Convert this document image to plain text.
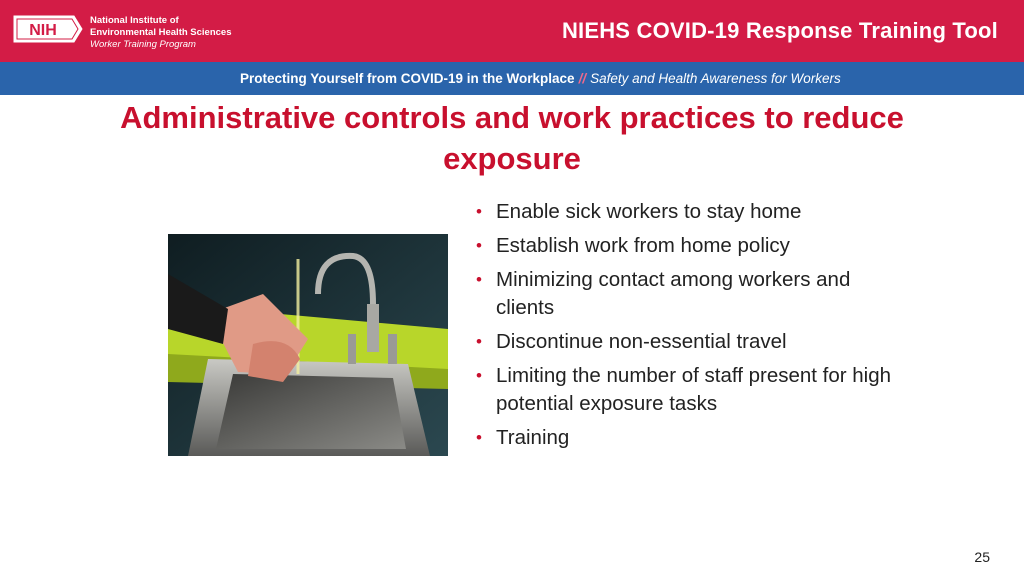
NIH
National Institute of
Environmental Health Sciences
Worker Training Program
NIEHS COVID-19 Response Training Tool
Protecting Yourself from COVID-19 in the Workplace // Safety and Health Awareness for Workers
Administrative controls and work practices to reduce exposure
• Enable sick workers to stay home
• Establish work from home policy
• Minimizing contact among workers and clients
• Discontinue non-essential travel
• Limiting the number of staff present for high potential exposure tasks
• Training
25
